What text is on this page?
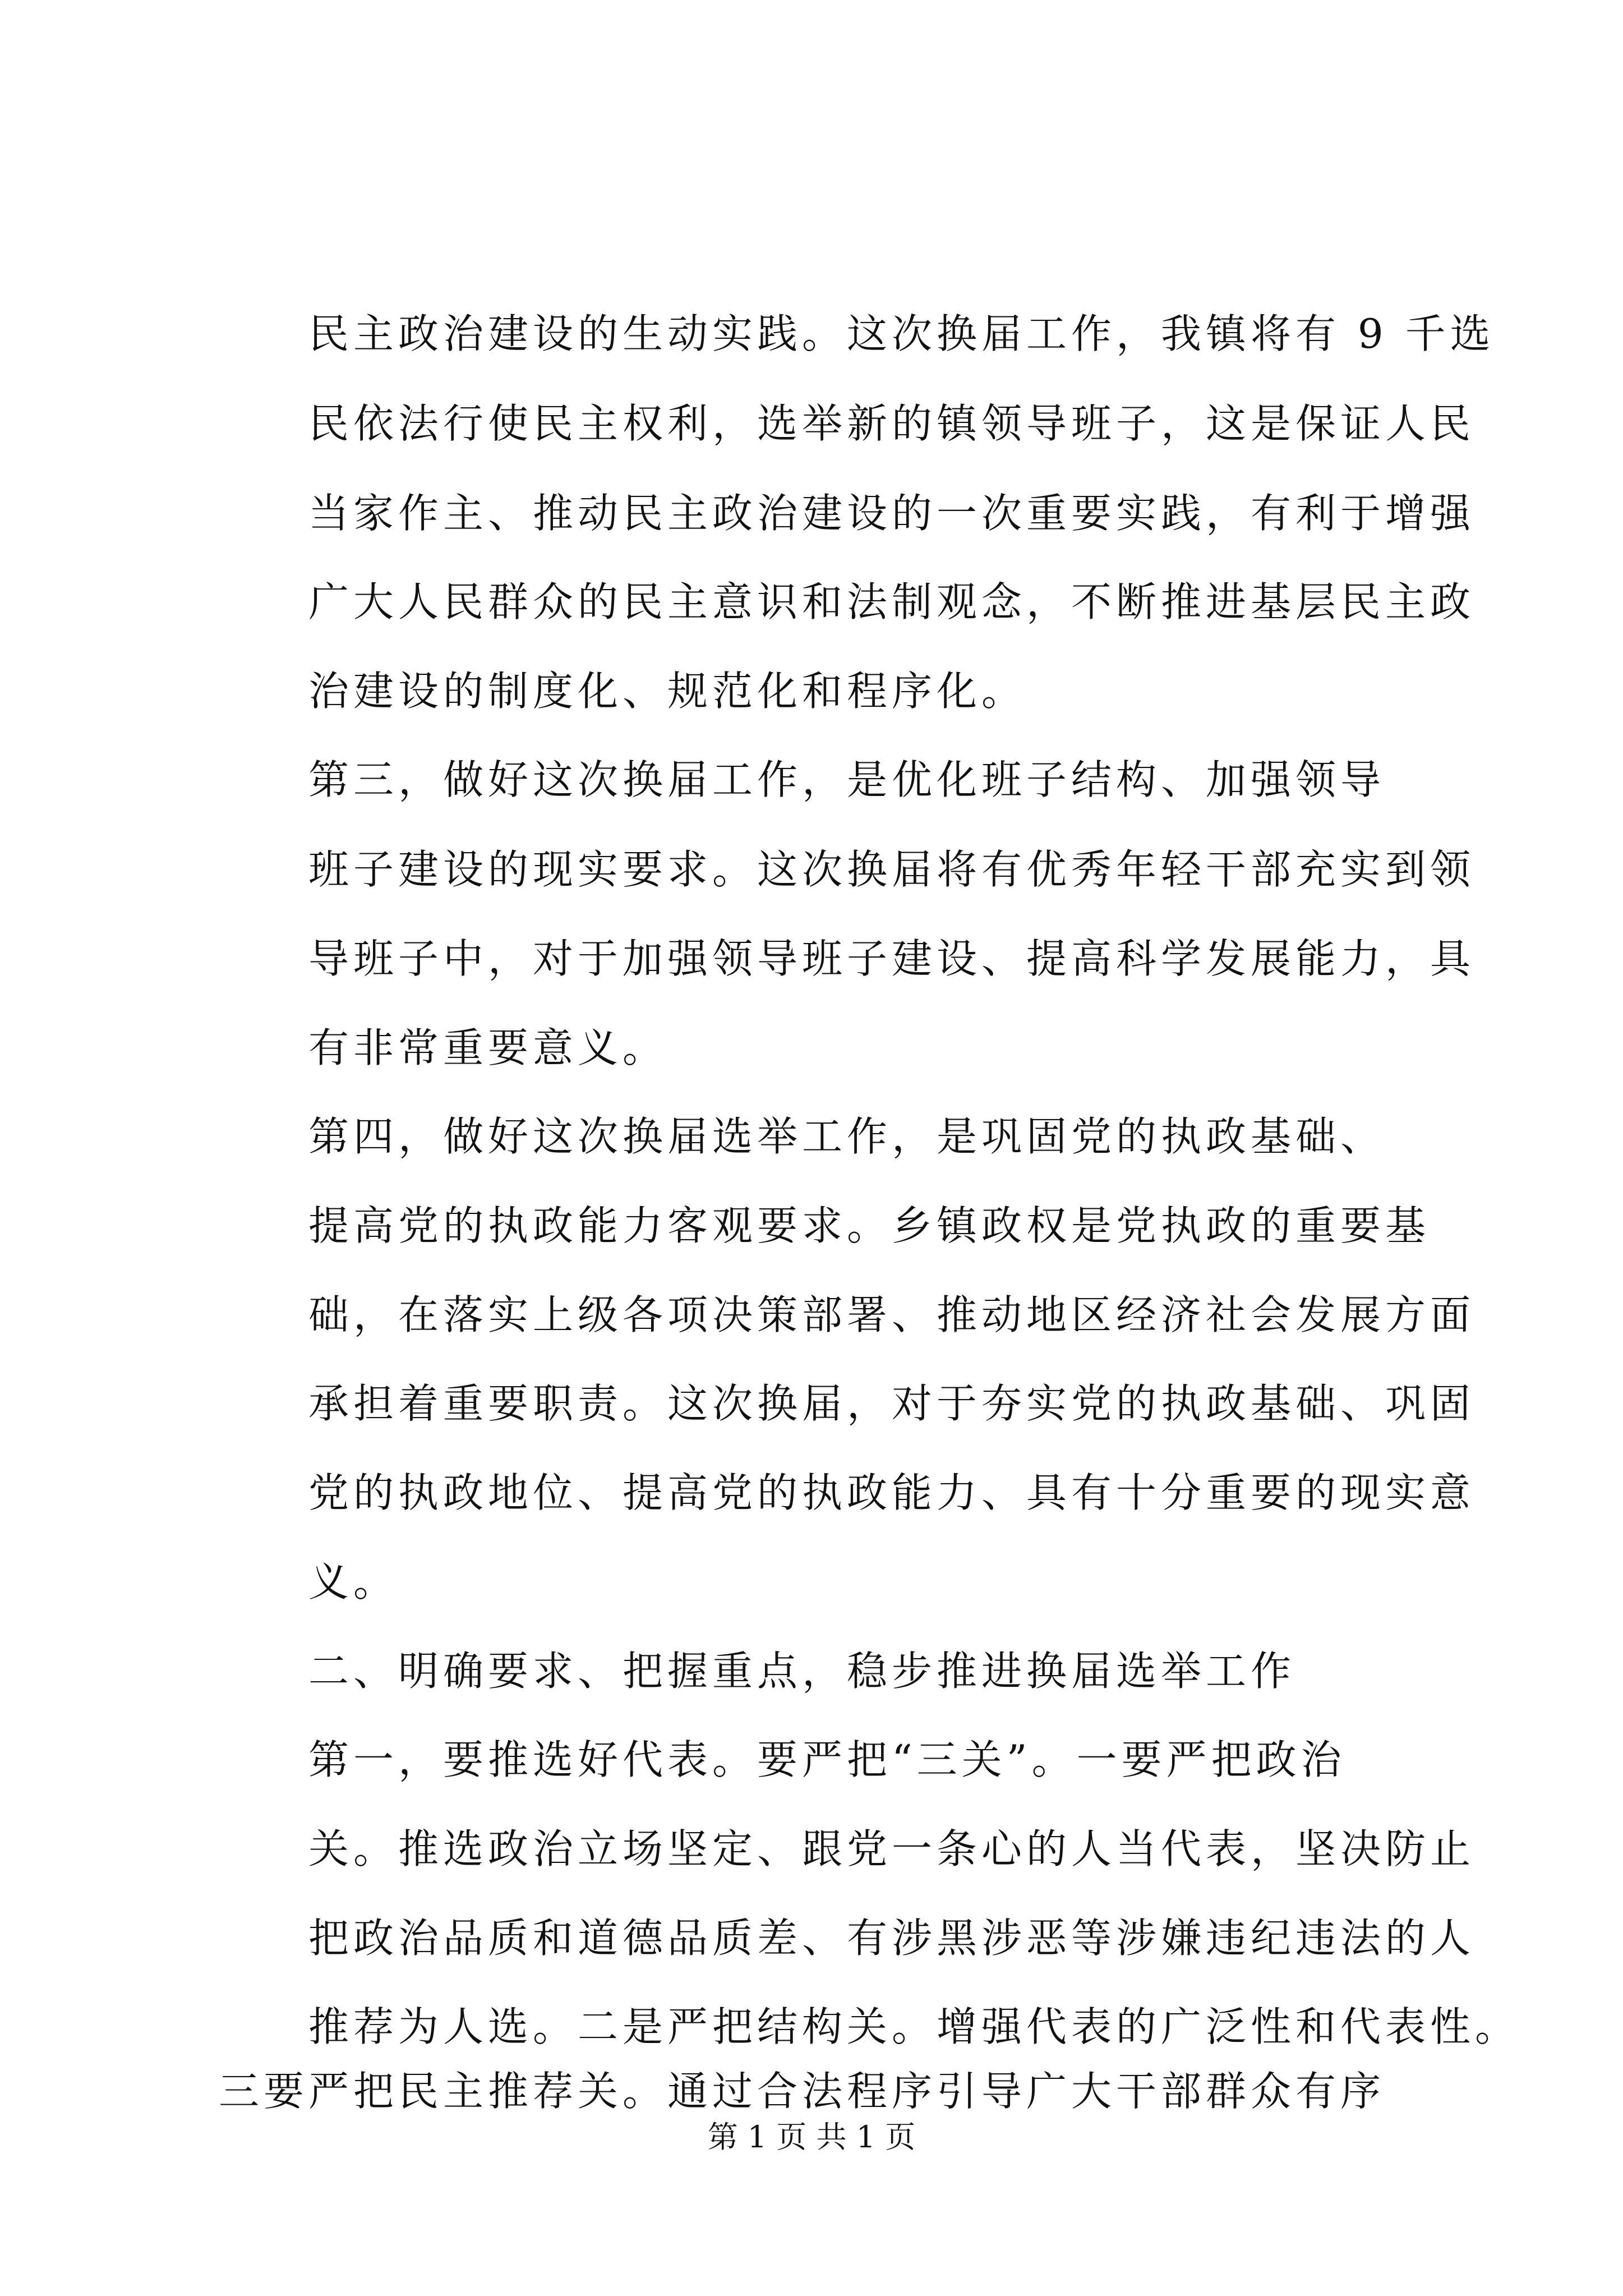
民主政治建设的生动实践。这次换届工作，我镇将有 9 千选
民依法行使民主权利，选举新的镇领导班子，这是保证人民
当家作主、推动民主政治建设的一次重要实践，有利于增强
广大人民群众的民主意识和法制观念，不断推进基层民主政
治建设的制度化、规范化和程序化。
第三，做好这次换届工作，是优化班子结构、加强领导
班子建设的现实要求。这次换届将有优秀年轻干部充实到领
导班子中，对于加强领导班子建设、提高科学发展能力，具
有非常重要意义。
第四，做好这次换届选举工作，是巩固党的执政基础、
提高党的执政能力客观要求。乡镇政权是党执政的重要基
础，在落实上级各项决策部署、推动地区经济社会发展方面
承担着重要职责。这次换届，对于夯实党的执政基础、巩固
党的执政地位、提高党的执政能力、具有十分重要的现实意
义。
二、明确要求、把握重点，稳步推进换届选举工作
第一，要推选好代表。要严把“三关”。一要严把政治
关。推选政治立场坚定、跟党一条心的人当代表，坚决防止
把政治品质和道德品质差、有涉黑涉恶等涉嫌违纪违法的人
推荐为人选。二是严把结构关。增强代表的广泛性和代表性。
三要严把民主推荐关。通过合法程序引导广大干部群众有序
第 1 页 共 1 页
